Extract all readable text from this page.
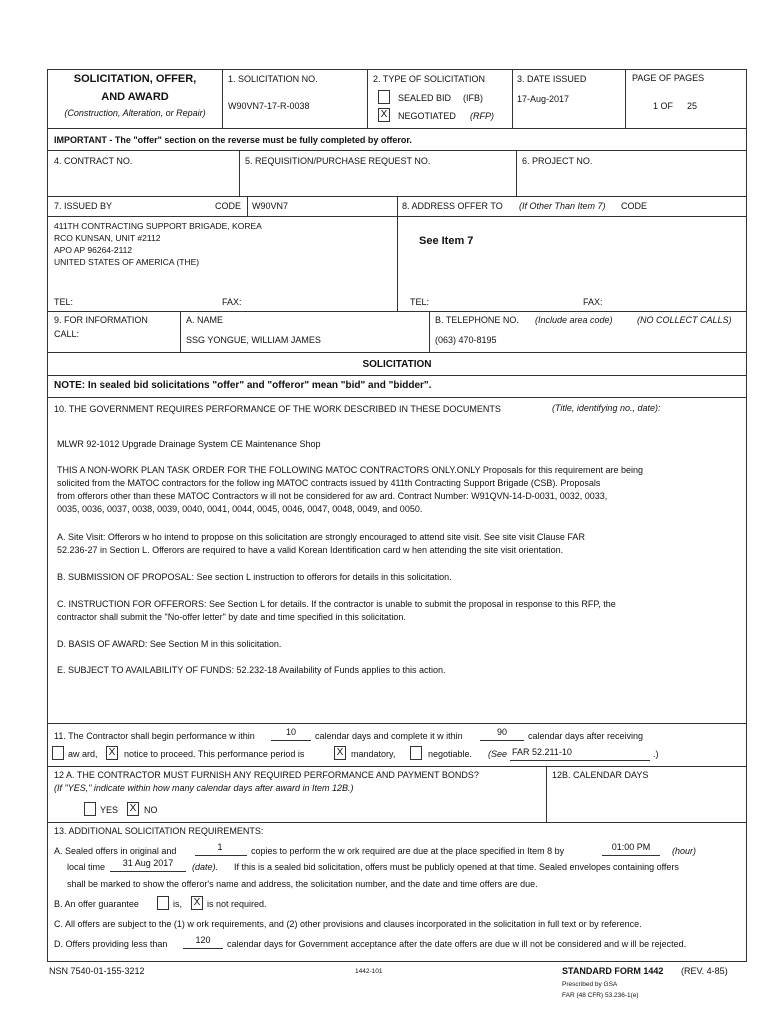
SOLICITATION, OFFER,
AND AWARD
(Construction, Alteration, or Repair)
1. SOLICITATION NO.
W90VN7-17-R-0038
2. TYPE OF SOLICITATION
SEALED BID (IFB)
X NEGOTIATED (RFP)
3. DATE ISSUED
17-Aug-2017
PAGE OF PAGES
1 OF 25
IMPORTANT - The "offer" section on the reverse must be fully completed by offeror.
4. CONTRACT NO.	5. REQUISITION/PURCHASE REQUEST NO.	6. PROJECT NO.
7. ISSUED BY	CODE W90VN7
411TH CONTRACTING SUPPORT BRIGADE, KOREA
RCO KUNSAN, UNIT #2112
APO AP 96264-2112
UNITED STATES OF AMERICA (THE)
TEL:	FAX:
8. ADDRESS OFFER TO (If Other Than Item 7) CODE
See Item 7
TEL:	FAX:
9. FOR INFORMATION
CALL:
A. NAME
SSG YONGUE, WILLIAM JAMES
B. TELEPHONE NO. (Include area code)	(NO COLLECT CALLS)
(063) 470-8195
SOLICITATION
NOTE: In sealed bid solicitations "offer" and "offeror" mean "bid" and "bidder".
10. THE GOVERNMENT REQUIRES PERFORMANCE OF THE WORK DESCRIBED IN THESE DOCUMENTS	(Title, identifying no., date):
MLWR 92-1012 Upgrade Drainage System CE Maintenance Shop
THIS A NON-WORK PLAN TASK ORDER FOR THE FOLLOWING MATOC CONTRACTORS ONLY.ONLY Proposals for this requirement are being
solicited from the MATOC contractors for the follow ing MATOC contracts issued by 411th Contracting Support Brigade (CSB). Proposals
from offerors other than these MATOC Contractors w ill not be considered for aw ard. Contract Number: W91QVN-14-D-0031, 0032, 0033,
0035, 0036, 0037, 0038, 0039, 0040, 0041, 0044, 0045, 0046, 0047, 0048, 0049, and 0050.
A. Site Visit: Offerors w ho intend to propose on this solicitation are strongly encouraged to attend site visit. See site visit Clause FAR
52.236-27 in Section L. Offerors are required to have a valid Korean Identification card w hen attending the site visit orientation.
B. SUBMISSION OF PROPOSAL: See section L instruction to offerors for details in this solicitation.
C. INSTRUCTION FOR OFFERORS: See Section L for details. If the contractor is unable to submit the proposal in response to this RFP, the
contractor shall submit the "No-offer letter" by date and time specified in this solicitation.
D. BASIS OF AWARD: See Section M in this solicitation.
E. SUBJECT TO AVAILABILITY OF FUNDS: 52.232-18 Availability of Funds applies to this action.
11. The Contractor shall begin performance w ithin	10	calendar days and complete it w ithin	90	calendar days after receiving
aw ard, X notice to proceed. This performance period is	X mandatory,	negotiable. (See FAR 52.211-10	.)
12 A. THE CONTRACTOR MUST FURNISH ANY REQUIRED PERFORMANCE AND PAYMENT BONDS?
(If "YES," indicate within how many calendar days after award in Item 12B.)
YES X NO
12B. CALENDAR DAYS
13. ADDITIONAL SOLICITATION REQUIREMENTS:
A. Sealed offers in original and	1	copies to perform the w ork required are due at the place specified in Item 8 by	01:00 PM	(hour)
local time	31 Aug 2017	(date). If this is a sealed bid solicitation, offers must be publicly opened at that time. Sealed envelopes containing offers
shall be marked to show the offeror's name and address, the solicitation number, and the date and time offers are due.
B. An offer guarantee	is, X is not required.
C. All offers are subject to the (1) w ork requirements, and (2) other provisions and clauses incorporated in the solicitation in full text or by reference.
D. Offers providing less than	120	calendar days for Government acceptance after the date offers are due w ill not be considered and w ill be rejected.
NSN 7540-01-155-3212	1442-101	STANDARD FORM 1442 (REV. 4-85)
Prescribed by GSA
FAR (48 CFR) 53.236-1(e)
